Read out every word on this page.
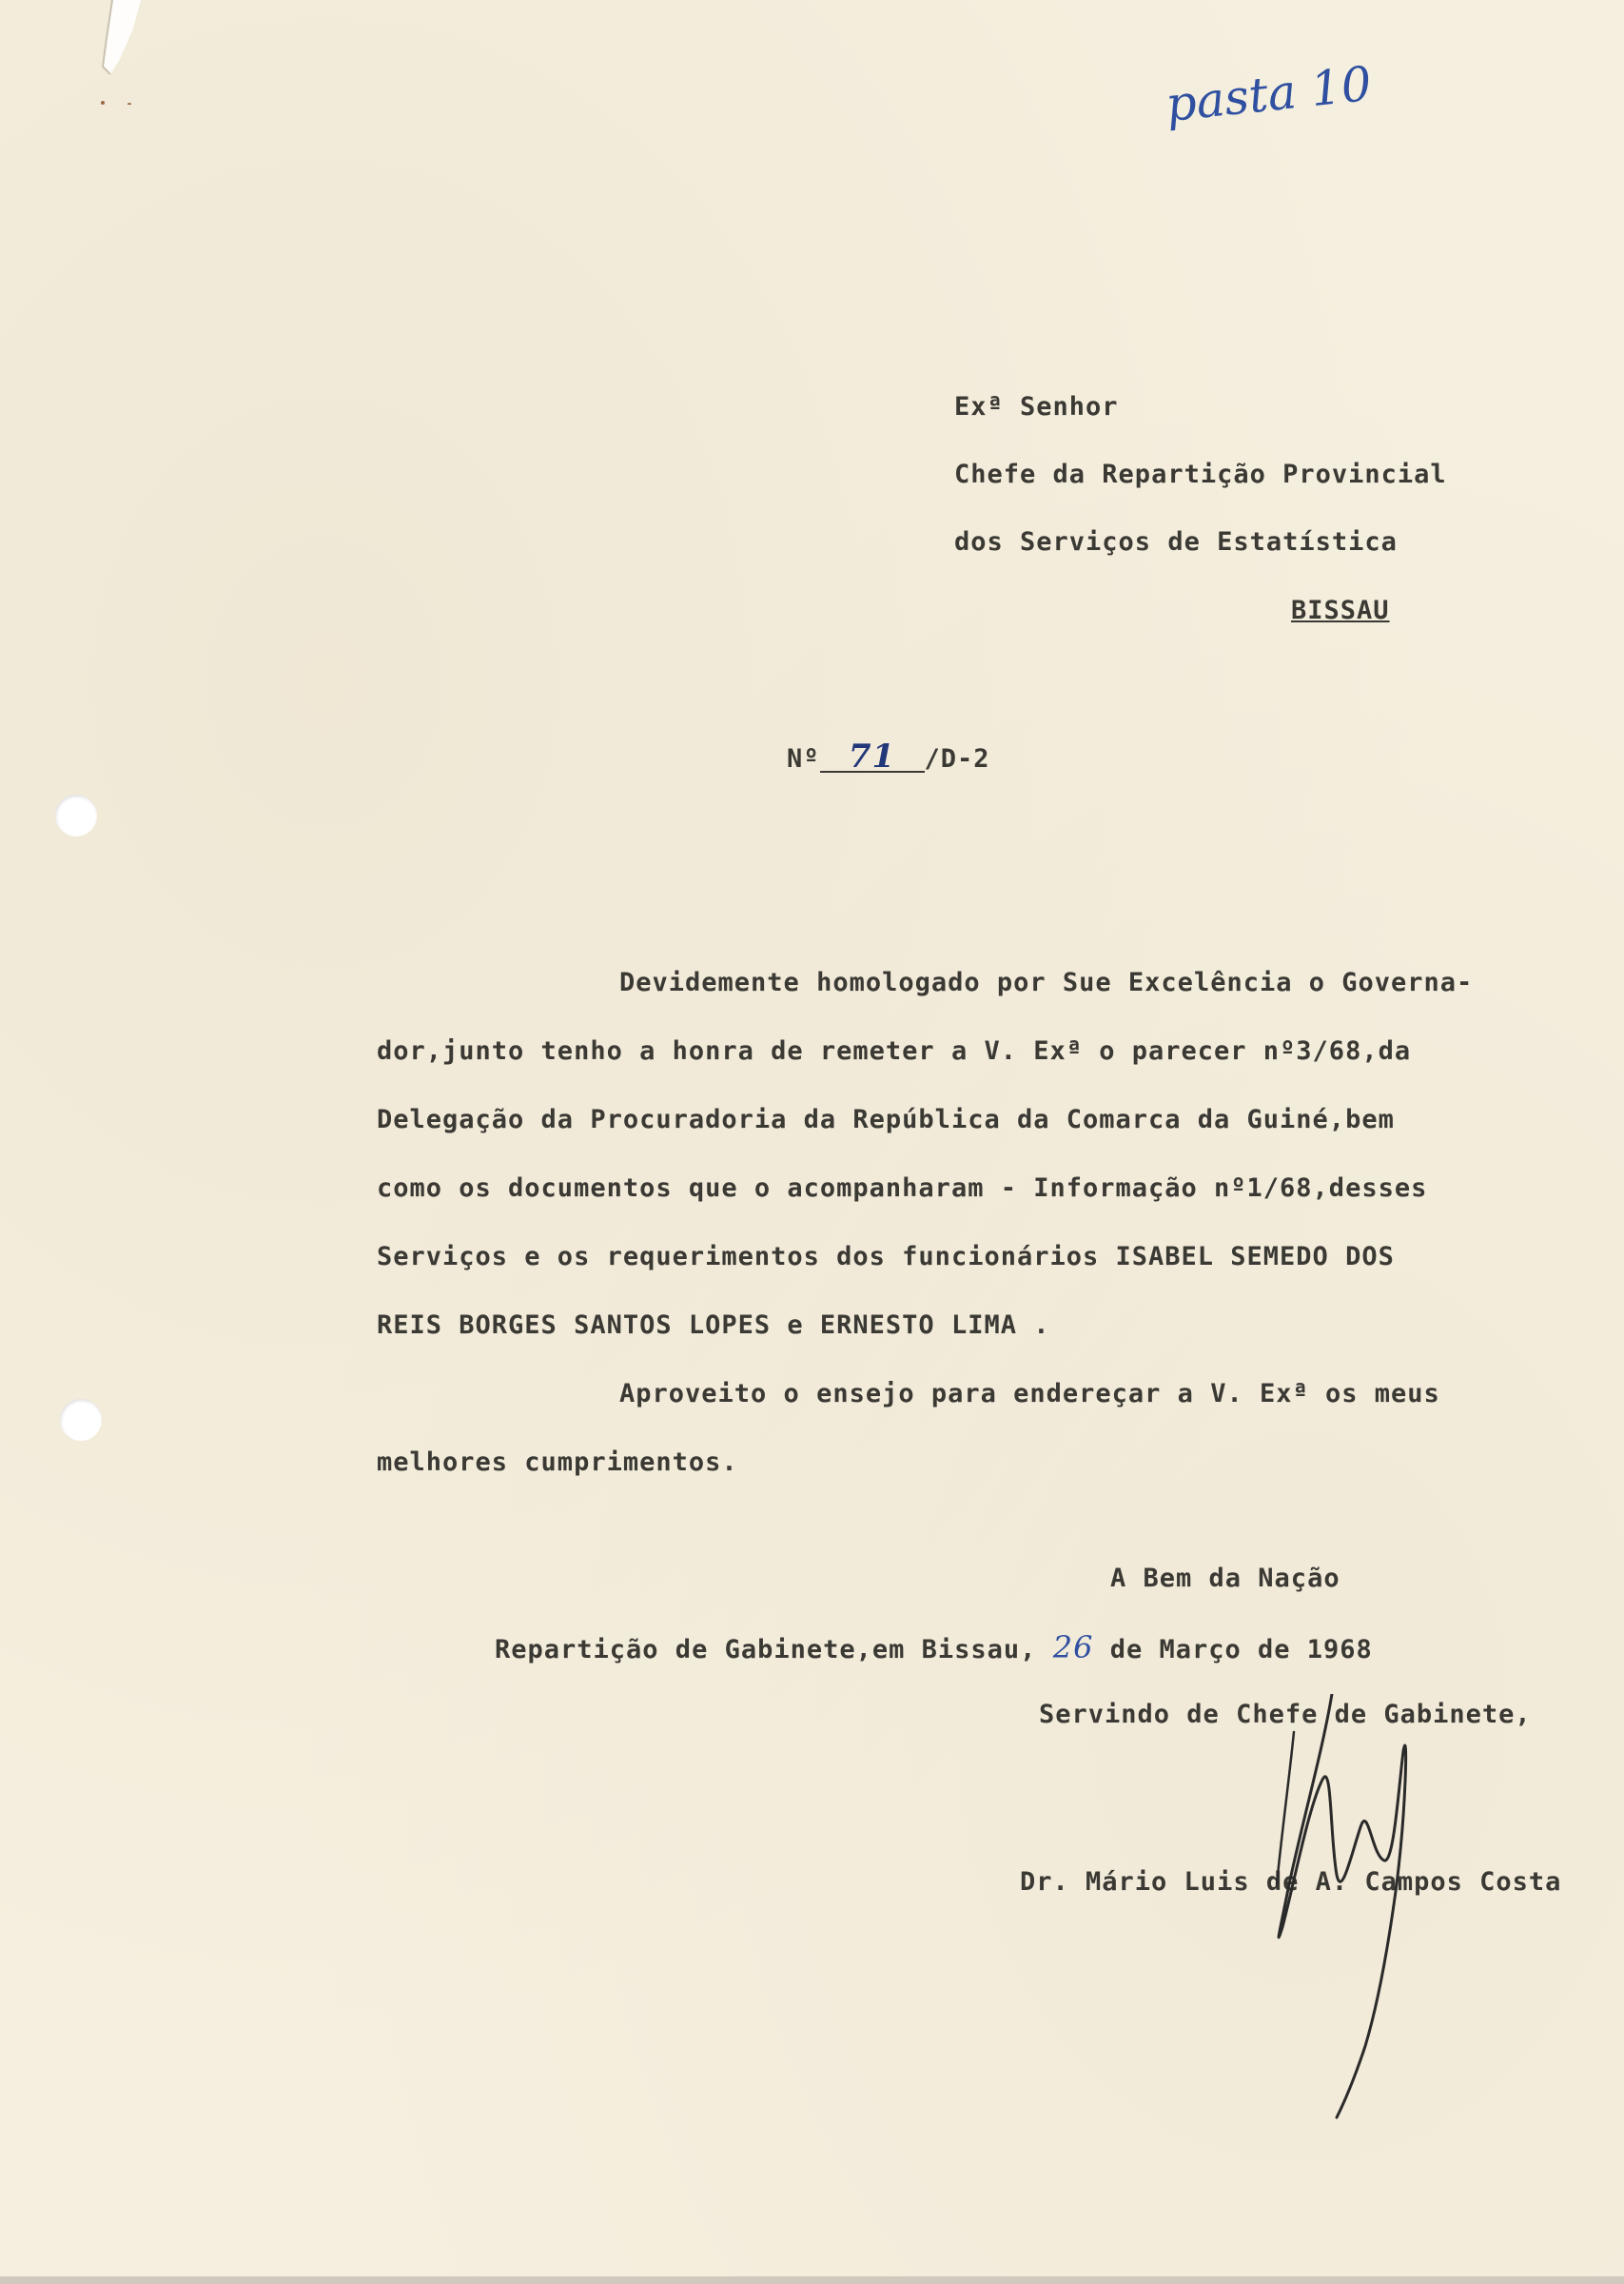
pasta 10
Exª Senhor
Chefe da Repartição Provincial
dos Serviços de Estatística
BISSAU
Nº 71 /D-2
Devidemente homologado por Sue Excelência o Governa-
dor,junto tenho a honra de remeter a V. Exª o parecer nº3/68,da
Delegação da Procuradoria da República da Comarca da Guiné,bem
como os documentos que o acompanharam - Informação nº1/68,desses
Serviços e os requerimentos dos funcionários ISABEL SEMEDO DOS
REIS BORGES SANTOS LOPES e ERNESTO LIMA .
Aproveito o ensejo para endereçar a V. Exª os meus
melhores cumprimentos.
A Bem da Nação
Repartição de Gabinete,em Bissau, 26 de Março de 1968
Servindo de Chefe de Gabinete,
Dr. Mário Luis de A. Campos Costa
